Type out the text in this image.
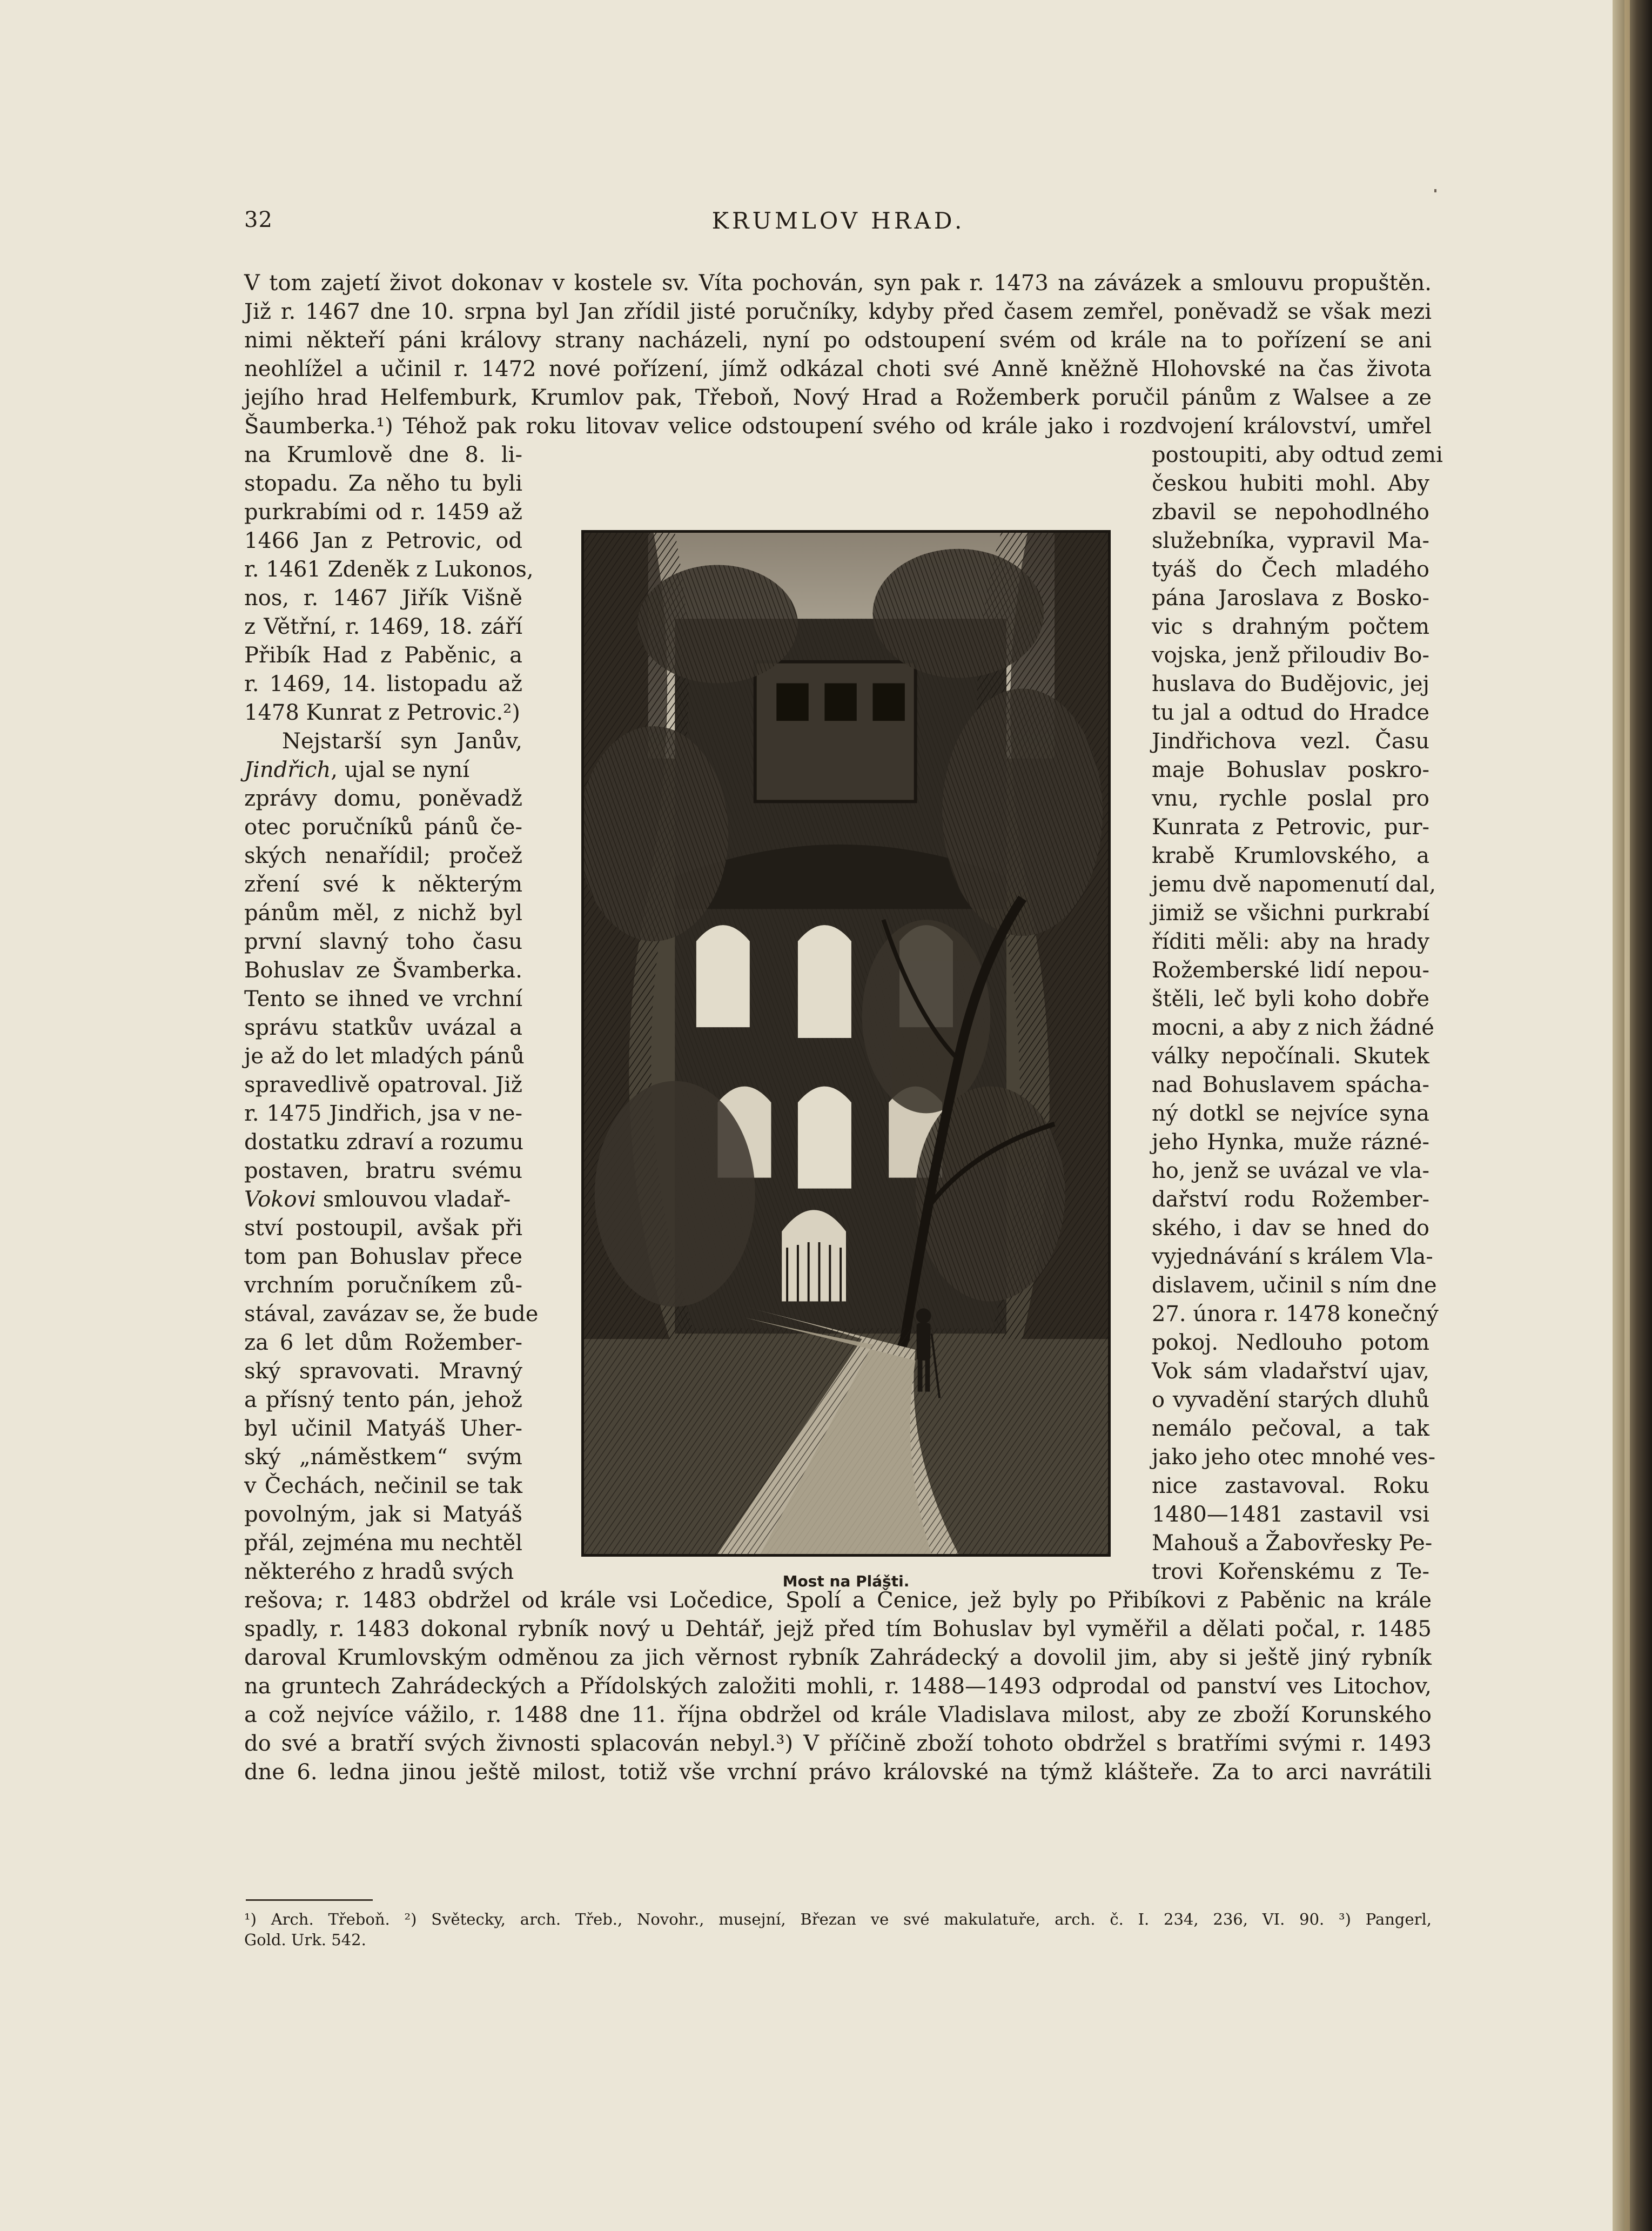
32	KRUMLOV HRAD.
V tom zajetí život dokonav v kostele sv. Víta pochován, syn pak r. 1473 na závázek a smlouvu propuštěn.
Již r. 1467 dne 10. srpna byl Jan zřídil jisté poručníky, kdyby před časem zemřel, poněvadž se však mezi
nimi někteří páni královy strany nacházeli, nyní po odstoupení svém od krále na to pořízení se ani
neohlížel a učinil r. 1472 nové pořízení, jímž odkázal choti své Anně kněžně Hlohovské na čas života
jejího hrad Helfemburk, Krumlov pak, Třeboň, Nový Hrad a Rožemberk poručil pánům z Walsee a ze
Šaumberka.¹) Téhož pak roku litovav velice odstoupení svého od krále jako i rozdvojení království, umřel
na Krumlově dne 8. li-
stopadu. Za něho tu byli
purkrabími od r. 1459 až
1466 Jan z Petrovic, od
r. 1461 Zdeněk z Lukonos,
nos, r. 1467 Jiřík Višně
z Větřní, r. 1469, 18. září
Přibík Had z Paběnic, a
r. 1469, 14. listopadu až
1478 Kunrat z Petrovic.²)
Nejstarší syn Janův,
Jindřich, ujal se nyní
zprávy domu, poněvadž
otec poručníků pánů če-
ských nenařídil; pročež
zření své k některým
pánům měl, z nichž byl
první slavný toho času
Bohuslav ze Švamberka.
Tento se ihned ve vrchní
správu statkův uvázal a
je až do let mladých pánů
spravedlivě opatroval. Již
r. 1475 Jindřich, jsa v ne-
dostatku zdraví a rozumu
postaven, bratru svému
Vokovi smlouvou vladař-
ství postoupil, avšak při
tom pan Bohuslav přece
vrchním poručníkem zů-
stával, zavázav se, že bude
za 6 let dům Rožember-
ský spravovati. Mravný
a přísný tento pán, jehož
byl učinil Matyáš Uher-
ský „náměstkem“ svým
v Čechách, nečinil se tak
povolným, jak si Matyáš
přál, zejména mu nechtěl
některého z hradů svých
postoupiti, aby odtud zemi
českou hubiti mohl. Aby
zbavil se nepohodlného
služebníka, vypravil Ma-
tyáš do Čech mladého
pána Jaroslava z Bosko-
vic s drahným počtem
vojska, jenž přiloudiv Bo-
huslava do Budějovic, jej
tu jal a odtud do Hradce
Jindřichova vezl. Času
maje Bohuslav poskro-
vnu, rychle poslal pro
Kunrata z Petrovic, pur-
krabě Krumlovského, a
jemu dvě napomenutí dal,
jimiž se všichni purkrabí
říditi měli: aby na hrady
Rožemberské lidí nepou-
štěli, leč byli koho dobře
mocni, a aby z nich žádné
války nepočínali. Skutek
nad Bohuslavem spácha-
ný dotkl se nejvíce syna
jeho Hynka, muže rázné-
ho, jenž se uvázal ve vla-
dařství rodu Rožember-
ského, i dav se hned do
vyjednávání s králem Vla-
dislavem, učinil s ním dne
27. února r. 1478 konečný
pokoj. Nedlouho potom
Vok sám vladařství ujav,
o vyvadění starých dluhů
nemálo pečoval, a tak
jako jeho otec mnohé ves-
nice zastavoval. Roku
1480—1481 zastavil vsi
Mahouš a Žabovřesky Pe-
trovi Kořenskému z Te-
Most na Plášti.
rešova; r. 1483 obdržel od krále vsi Ločedice, Spolí a Čenice, jež byly po Přibíkovi z Paběnic na krále
spadly, r. 1483 dokonal rybník nový u Dehtář, jejž před tím Bohuslav byl vyměřil a dělati počal, r. 1485
daroval Krumlovským odměnou za jich věrnost rybník Zahrádecký a dovolil jim, aby si ještě jiný rybník
na gruntech Zahrádeckých a Přídolských založiti mohli, r. 1488—1493 odprodal od panství ves Litochov,
a což nejvíce vážilo, r. 1488 dne 11. října obdržel od krále Vladislava milost, aby ze zboží Korunského
do své a bratří svých živnosti splacován nebyl.³) V příčině zboží tohoto obdržel s bratřími svými r. 1493
dne 6. ledna jinou ještě milost, totiž vše vrchní právo královské na týmž klášteře. Za to arci navrátili
¹) Arch. Třeboň. ²) Světecky, arch. Třeb., Novohr., musejní, Březan ve své makulatuře, arch. č. I. 234, 236, VI. 90. ³) Pangerl,
Gold. Urk. 542.
